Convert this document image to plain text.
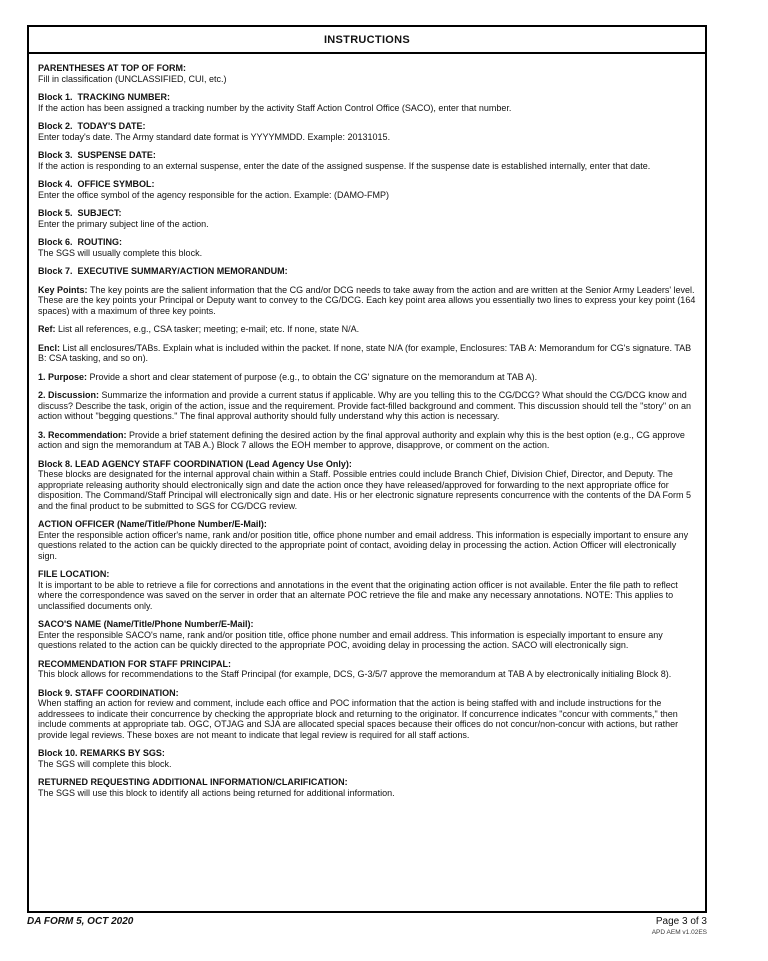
INSTRUCTIONS
PARENTHESES AT TOP OF FORM:
Fill in classification (UNCLASSIFIED, CUI, etc.)
Block 1.  TRACKING NUMBER:
If the action has been assigned a tracking number by the activity Staff Action Control Office (SACO), enter that number.
Block 2.  TODAY'S DATE:
Enter today's date. The Army standard date format is YYYYMMDD. Example: 20131015.
Block 3.  SUSPENSE DATE:
If the action is responding to an external suspense, enter the date of the assigned suspense. If the suspense date is established internally, enter that date.
Block 4.  OFFICE SYMBOL:
Enter the office symbol of the agency responsible for the action. Example: (DAMO-FMP)
Block 5.  SUBJECT:
Enter the primary subject line of the action.
Block 6.  ROUTING:
The SGS will usually complete this block.
Block 7.  EXECUTIVE SUMMARY/ACTION MEMORANDUM:
Key Points: The key points are the salient information that the CG and/or DCG needs to take away from the action and are written at the Senior Army Leaders' level. These are the key points your Principal or Deputy want to convey to the CG/DCG. Each key point area allows you essentially two lines to express your key point (164 spaces) with a maximum of three key points.
Ref: List all references, e.g., CSA tasker; meeting; e-mail; etc. If none, state N/A.
Encl: List all enclosures/TABs. Explain what is included within the packet. If none, state N/A (for example, Enclosures: TAB A: Memorandum for CG's signature. TAB B: CSA tasking, and so on).
1. Purpose: Provide a short and clear statement of purpose (e.g., to obtain the CG' signature on the memorandum at TAB A).
2. Discussion: Summarize the information and provide a current status if applicable. Why are you telling this to the CG/DCG? What should the CG/DCG know and discuss? Describe the task, origin of the action, issue and the requirement. Provide fact-filled background and comment. This discussion should tell the "story" on an action without "begging questions." The final approval authority should fully understand why this action is necessary.
3. Recommendation: Provide a brief statement defining the desired action by the final approval authority and explain why this is the best option (e.g., CG approve action and sign the memorandum at TAB A.) Block 7 allows the EOH member to approve, disapprove, or comment on the action.
Block 8. LEAD AGENCY STAFF COORDINATION (Lead Agency Use Only):
These blocks are designated for the internal approval chain within a Staff. Possible entries could include Branch Chief, Division Chief, Director, and Deputy. The appropriate releasing authority should electronically sign and date the action once they have released/approved for forwarding to the next appropriate office for disposition. The Command/Staff Principal will electronically sign and date. His or her electronic signature represents concurrence with the contents of the DA Form 5 and the final product to be submitted to SGS for CG/DCG review.
ACTION OFFICER (Name/Title/Phone Number/E-Mail):
Enter the responsible action officer's name, rank and/or position title, office phone number and email address. This information is especially important to ensure any questions related to the action can be quickly directed to the appropriate point of contact, avoiding delay in processing the action. Action Officer will electronically sign.
FILE LOCATION:
It is important to be able to retrieve a file for corrections and annotations in the event that the originating action officer is not available. Enter the file path to reflect where the correspondence was saved on the server in order that an alternate POC retrieve the file and make any necessary annotations. NOTE: This applies to unclassified documents only.
SACO'S NAME (Name/Title/Phone Number/E-Mail):
Enter the responsible SACO's name, rank and/or position title, office phone number and email address. This information is especially important to ensure any questions related to the action can be quickly directed to the appropriate POC, avoiding delay in processing the action. SACO will electronically sign.
RECOMMENDATION FOR STAFF PRINCIPAL:
This block allows for recommendations to the Staff Principal (for example, DCS, G-3/5/7 approve the memorandum at TAB A by electronically initialing Block 8).
Block 9. STAFF COORDINATION:
When staffing an action for review and comment, include each office and POC information that the action is being staffed with and include instructions for the addressees to indicate their concurrence by checking the appropriate block and returning to the originator. If concurrence indicates "concur with comments," then include comments at appropriate tab. OGC, OTJAG and SJA are allocated special spaces because their offices do not concur/non-concur with actions, but rather provide legal reviews. These boxes are not meant to indicate that legal review is required for all staff actions.
Block 10. REMARKS BY SGS:
The SGS will complete this block.
RETURNED REQUESTING ADDITIONAL INFORMATION/CLARIFICATION:
The SGS will use this block to identify all actions being returned for additional information.
DA FORM 5, OCT 2020	Page 3 of 3
APD AEM v1.02ES
